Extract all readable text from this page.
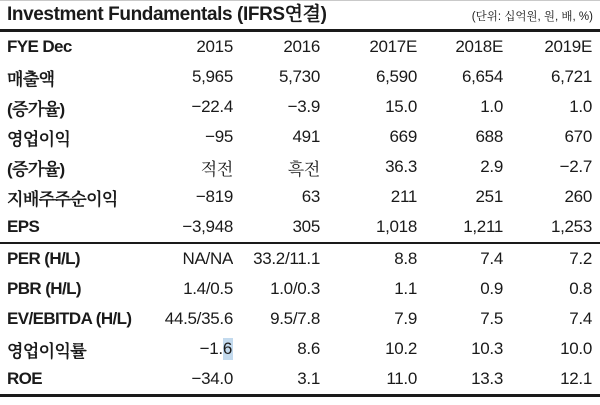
Investment Fundamentals (IFRS연결)	(단위: 십억원, 원, 배, %)
FYE Dec	2015	2016	2017E	2018E	2019E
매출액	5,965	5,730	6,590	6,654	6,721
(증가율)	−22.4	−3.9	15.0	1.0	1.0
영업이익	−95	491	669	688	670
(증가율)	적전	흑전	36.3	2.9	−2.7
지배주주순이익	−819	63	211	251	260
EPS	−3,948	305	1,018	1,211	1,253
PER (H/L)	NA/NA	33.2/11.1	8.8	7.4	7.2
PBR (H/L)	1.4/0.5	1.0/0.3	1.1	0.9	0.8
EV/EBITDA (H/L)	44.5/35.6	9.5/7.8	7.9	7.5	7.4
영업이익률	−1.6	8.6	10.2	10.3	10.0
ROE	−34.0	3.1	11.0	13.3	12.1
